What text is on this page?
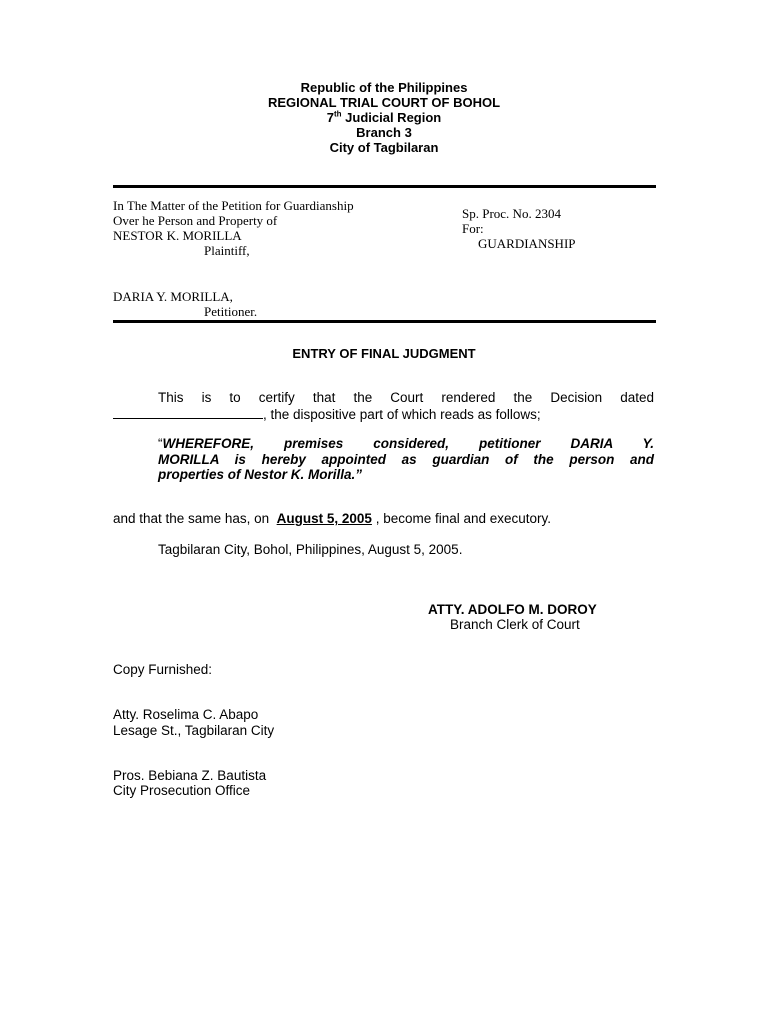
Republic of the Philippines
REGIONAL TRIAL COURT OF BOHOL
7th Judicial Region
Branch 3
City of Tagbilaran
In The Matter of the Petition for Guardianship
Over he Person and Property of
NESTOR K. MORILLA
Plaintiff,
DARIA Y. MORILLA,
Petitioner.
Sp. Proc. No. 2304
For:
GUARDIANSHIP
ENTRY OF FINAL JUDGMENT
This is to certify that the Court rendered the Decision dated
, the dispositive part of which reads as follows;
“WHEREFORE, premises considered, petitioner DARIA Y.
MORILLA is hereby appointed as guardian of the person and
properties of Nestor K. Morilla.”
and that the same has, on August 5, 2005 , become final and executory.
Tagbilaran City, Bohol, Philippines, August 5, 2005.
ATTY. ADOLFO M. DOROY
Branch Clerk of Court
Copy Furnished:
Atty. Roselima C. Abapo
Lesage St., Tagbilaran City
Pros. Bebiana Z. Bautista
City Prosecution Office
